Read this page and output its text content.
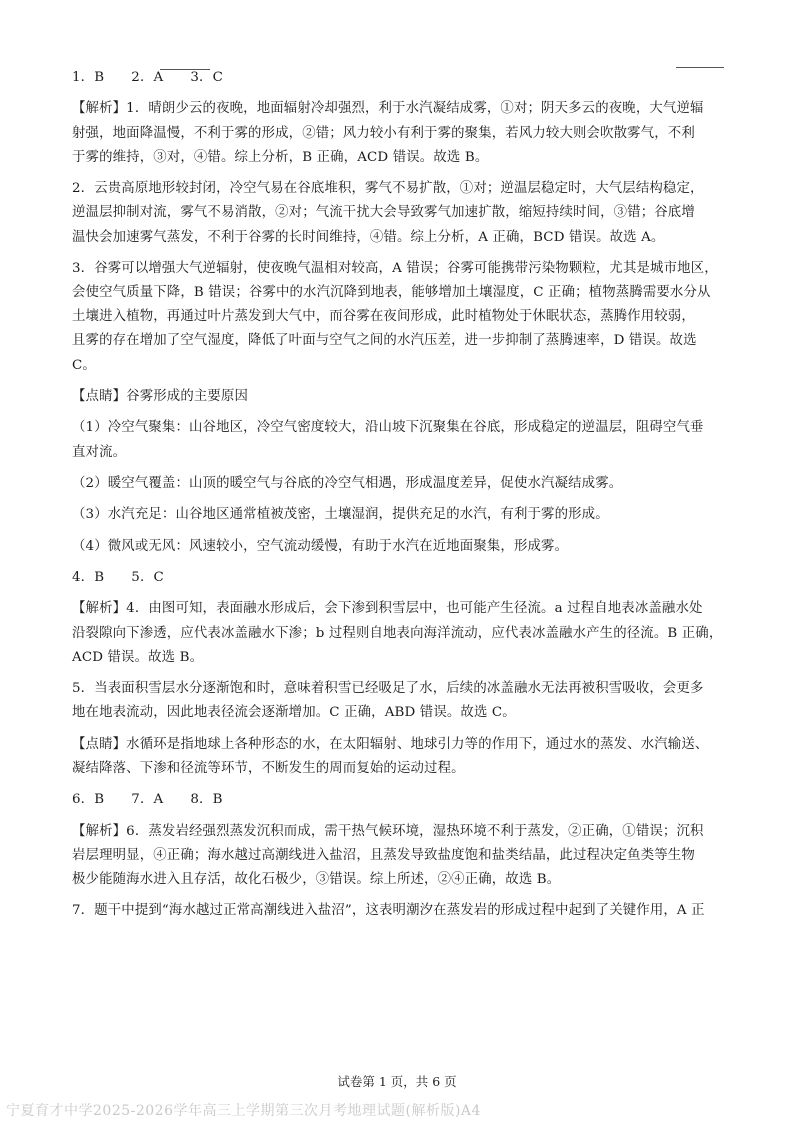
1．B　　2．A　　3．C
【解析】1．晴朗少云的夜晚，地面辐射冷却强烈，利于水汽凝结成雾，①对；阴天多云的夜晚，大气逆辐
射强，地面降温慢，不利于雾的形成，②错；风力较小有利于雾的聚集，若风力较大则会吹散雾气，不利
于雾的维持，③对，④错。综上分析，B 正确，ACD 错误。故选 B。
2．云贵高原地形较封闭，冷空气易在谷底堆积，雾气不易扩散，①对；逆温层稳定时，大气层结构稳定，
逆温层抑制对流，雾气不易消散，②对；气流干扰大会导致雾气加速扩散，缩短持续时间，③错；谷底增
温快会加速雾气蒸发，不利于谷雾的长时间维持，④错。综上分析，A 正确，BCD 错误。故选 A。
3．谷雾可以增强大气逆辐射，使夜晚气温相对较高，A 错误；谷雾可能携带污染物颗粒，尤其是城市地区，
会使空气质量下降，B 错误；谷雾中的水汽沉降到地表，能够增加土壤湿度，C 正确；植物蒸腾需要水分从
土壤进入植物，再通过叶片蒸发到大气中，而谷雾在夜间形成，此时植物处于休眠状态，蒸腾作用较弱，
且雾的存在增加了空气湿度，降低了叶面与空气之间的水汽压差，进一步抑制了蒸腾速率，D 错误。故选
C。
【点睛】谷雾形成的主要原因
（1）冷空气聚集：山谷地区，冷空气密度较大，沿山坡下沉聚集在谷底，形成稳定的逆温层，阻碍空气垂
直对流。
（2）暖空气覆盖：山顶的暖空气与谷底的冷空气相遇，形成温度差异，促使水汽凝结成雾。
（3）水汽充足：山谷地区通常植被茂密，土壤湿润，提供充足的水汽，有利于雾的形成。
（4）微风或无风：风速较小，空气流动缓慢，有助于水汽在近地面聚集，形成雾。
4．B　　5．C
【解析】4．由图可知，表面融水形成后，会下渗到积雪层中，也可能产生径流。a 过程自地表冰盖融水处
沿裂隙向下渗透，应代表冰盖融水下渗；b 过程则自地表向海洋流动，应代表冰盖融水产生的径流。B 正确，
ACD 错误。故选 B。
5．当表面积雪层水分逐渐饱和时，意味着积雪已经吸足了水，后续的冰盖融水无法再被积雪吸收，会更多
地在地表流动，因此地表径流会逐渐增加。C 正确，ABD 错误。故选 C。
【点睛】水循环是指地球上各种形态的水，在太阳辐射、地球引力等的作用下，通过水的蒸发、水汽输送、
凝结降落、下渗和径流等环节，不断发生的周而复始的运动过程。
6．B　　7．A　　8．B
【解析】6．蒸发岩经强烈蒸发沉积而成，需干热气候环境，湿热环境不利于蒸发，②正确，①错误；沉积
岩层理明显，④正确；海水越过高潮线进入盐沼，且蒸发导致盐度饱和盐类结晶，此过程决定鱼类等生物
极少能随海水进入且存活，故化石极少，③错误。综上所述，②④正确，故选 B。
7．题干中提到“海水越过正常高潮线进入盐沼”，这表明潮汐在蒸发岩的形成过程中起到了关键作用，A 正
试卷第 1 页，共 6 页
宁夏育才中学2025-2026学年高三上学期第三次月考地理试题(解析版)A4
